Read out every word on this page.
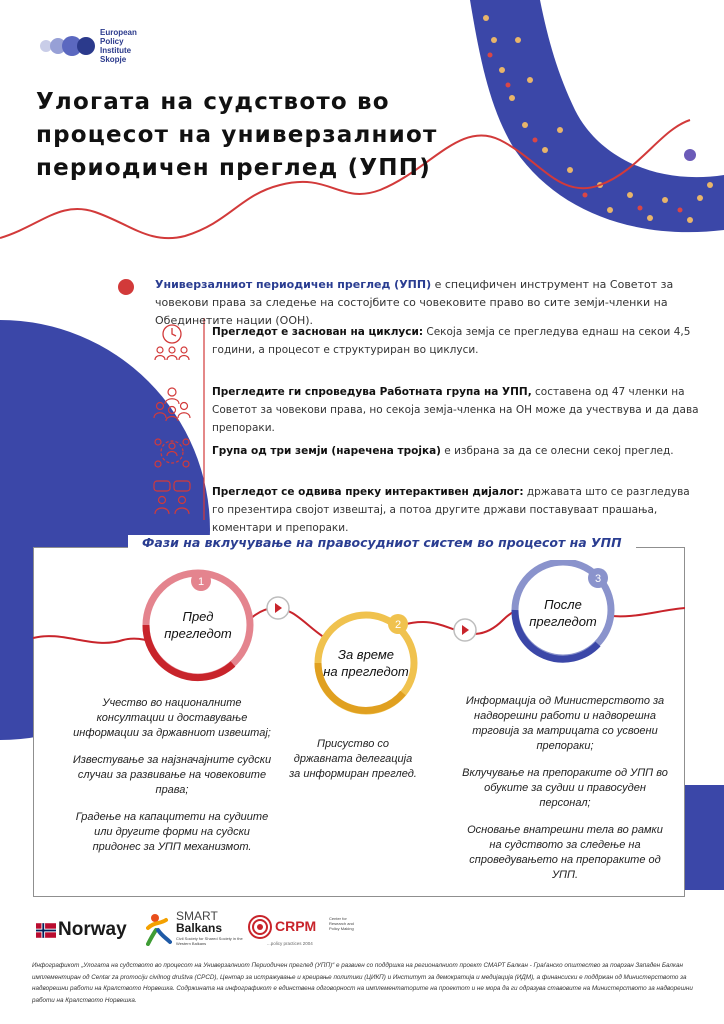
European
Policy
Institute
Skopje
Улогата на судството во
процесот на универзалниот
периодичен преглед (УПП)
Универзалниот периодичен преглед (УПП) е специфичен инструмент на Советот за човекови права за следење на состојбите со човековите право во сите земји-членки на Обединетите нации (ООН).
Прегледот е заснован на циклуси: Секоја земја се прегледува еднаш на секои 4,5 години, а процесот е структуриран во циклуси.
Прегледите ги спроведува Работната група на УПП, составена од 47 членки на Советот за човекови права, но секоја земја-членка на ОН може да учествува и да дава препораки.
Група од три земји (наречена тројка) е избрана за да се олесни секој преглед.
Прегледот се одвива преку интерактивен дијалог: државата што се разгледува го презентира својот извештај, а потоа другите држави поставуваат прашања, коментари и препораки.
Фази на вклучување на правосудниот систем во процесот на УПП
1
2
3
Пред
прегледот
За време
на прегледот
После
прегледот

Учество во националните консултации и доставување информации за државниот извештај;

Известување за најзначајните судски случаи за развивање на човековите права;

Градење на капацитети на судиите или другите форми на судски придонес за УПП механизмот.

Присуство со државната делегација за информиран преглед.

Информација од Министерството за надворешни работи и надворешна трговија за матрицата со усвоени препораки;

Вклучување на препораките од УПП во обуките за судии и правосуден персонал;

Основање внатрешни тела во рамки на судството за следење на спроведувањето на препораките од УПП.

Norway
SMART
Balkans
Civil Society for Shared Society in the Western Balkans
CRPM	Center for Research and Policy Making
...policy practices 2004
Инфографикот „Улогата на судството во процесот на Универзалниот Периодичен преглед (УПП)“ е развиен со поддршка на регионалниот проект СМАРТ Балкан - Граѓанско општество за поврзан Западен Балкан имплементиран од Centar za promociju civilnog društva (CPCD), Центар за истражување и креирање политики (ЦИКП) и Институт за демократија и медијација (ИДМ), а финансиски е поддржан од Министерството за надворешни работи на Кралството Норвешка. Содржината на инфографикот е единствена одговорност на имплементаторите на проектот и не мора да ги одразува ставовите на Министерството за надворешни работи на Кралството Норвешка.
